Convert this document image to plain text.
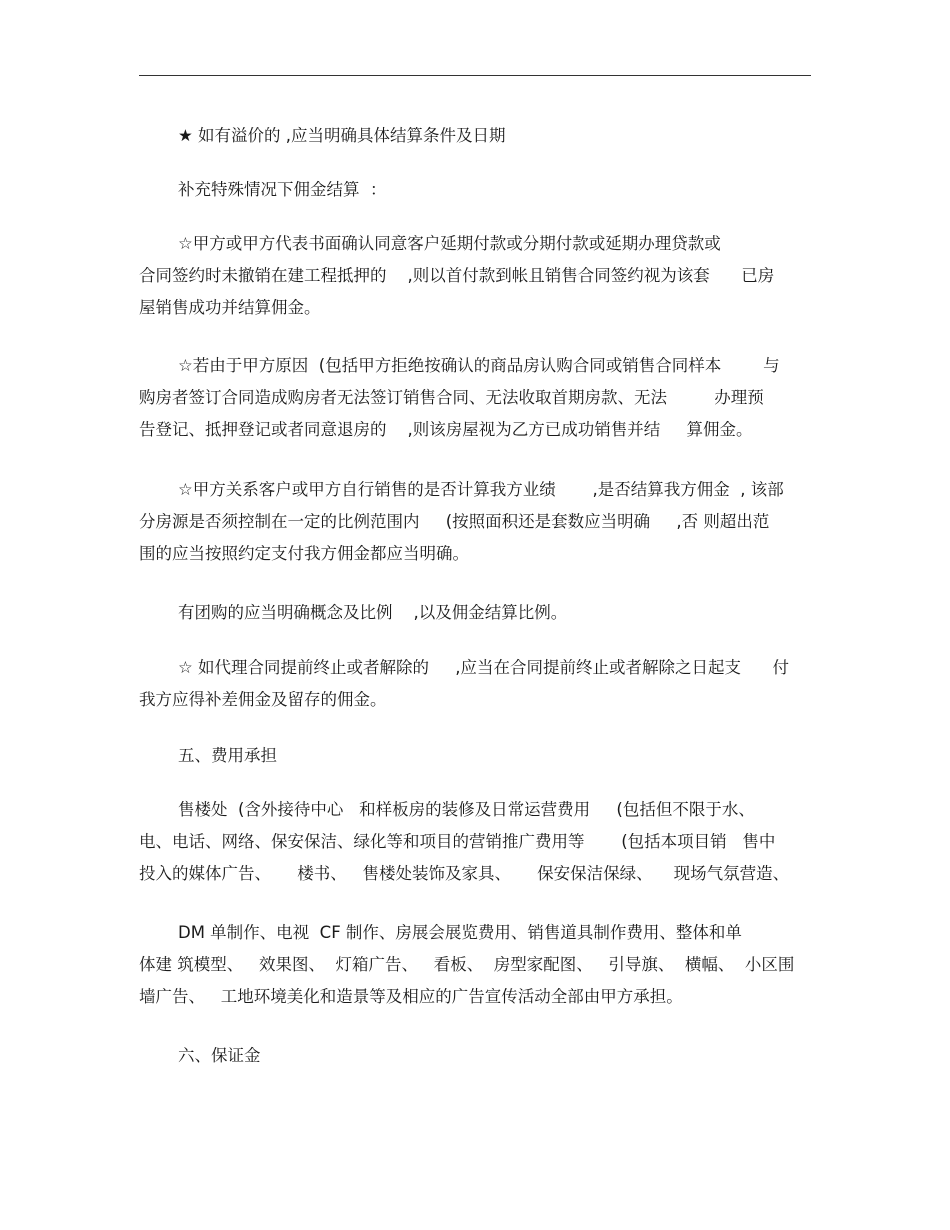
★ 如有溢价的 ,应当明确具体结算条件及日期
补充特殊情况下佣金结算  ：
☆甲方或甲方代表书面确认同意客户延期付款或分期付款或延期办理贷款或
合同签约时未撤销在建工程抵押的    ,则以首付款到帐且销售合同签约视为该套      已房
屋销售成功并结算佣金。
☆若由于甲方原因  (包括甲方拒绝按确认的商品房认购合同或销售合同样本        与
购房者签订合同造成购房者无法签订销售合同、无法收取首期房款、无法         办理预
告登记、抵押登记或者同意退房的    ,则该房屋视为乙方已成功销售并结     算佣金。
☆甲方关系客户或甲方自行销售的是否计算我方业绩       ,是否结算我方佣金  , 该部
分房源是否须控制在一定的比例范围内     (按照面积还是套数应当明确     ,否 则超出范
围的应当按照约定支付我方佣金都应当明确。
有团购的应当明确概念及比例    ,以及佣金结算比例。
☆ 如代理合同提前终止或者解除的     ,应当在合同提前终止或者解除之日起支      付
我方应得补差佣金及留存的佣金。
五、费用承担
售楼处  (含外接待中心   和样板房的装修及日常运营费用     (包括但不限于水、
电、电话、网络、保安保洁、绿化等和项目的营销推广费用等       (包括本项目销   售中
投入的媒体广告、     楼书、   售楼处装饰及家具、     保安保洁保绿、    现场气氛营造、
DM 单制作、电视  CF 制作、房展会展览费用、销售道具制作费用、整体和单
体建 筑模型、   效果图、  灯箱广告、   看板、  房型家配图、   引导旗、  横幅、  小区围
墙广告、   工地环境美化和造景等及相应的广告宣传活动全部由甲方承担。
六、保证金
